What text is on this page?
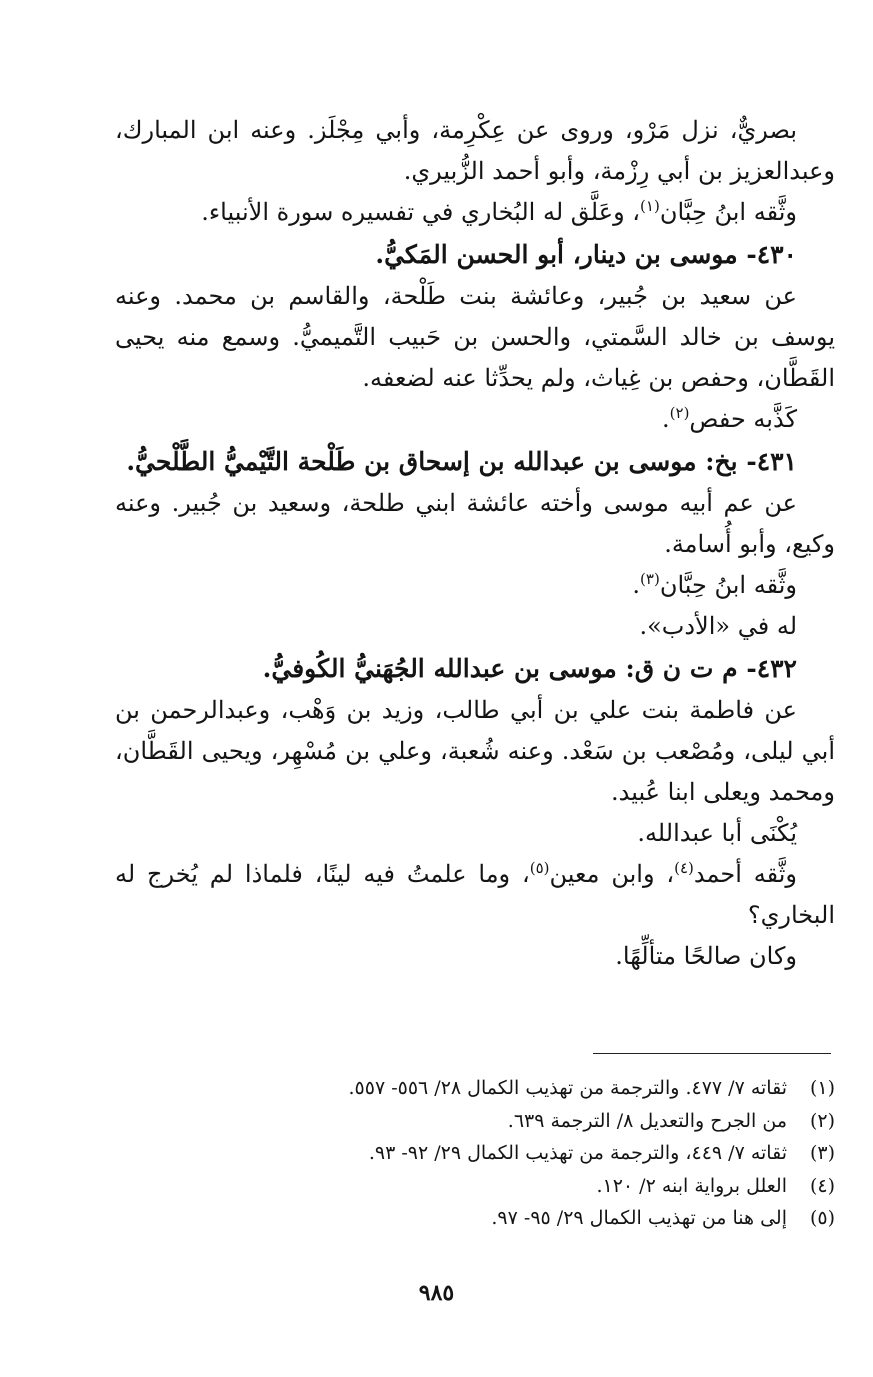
بصريٌّ، نزل مَرْو، وروى عن عِكْرِمة، وأبي مِجْلَز. وعنه ابن المبارك، وعبدالعزيز بن أبي رِزْمة، وأبو أحمد الزُّبيري.

وثَّقه ابنُ حِبَّان$^{(١)}$، وعَلَّق له البُخاري في تفسيره سورة الأنبياء.

٤٣٠- موسى بن دينار، أبو الحسن المَكيُّ.

عن سعيد بن جُبير، وعائشة بنت طَلْحة، والقاسم بن محمد. وعنه يوسف بن خالد السَّمتي، والحسن بن حَبيب التَّميميُّ. وسمع منه يحيى القَطَّان، وحفص بن غِياث، ولم يحدِّثا عنه لضعفه.

كَذَّبه حفص$^{(٢)}$.

٤٣١- بخ: موسى بن عبدالله بن إسحاق بن طَلْحة التَّيْميُّ الطَّلْحيُّ.

عن عم أبيه موسى وأخته عائشة ابني طلحة، وسعيد بن جُبير. وعنه وكيع، وأبو أُسامة.

وثَّقه ابنُ حِبَّان$^{(٣)}$.

له في «الأدب».

٤٣٢- م ت ن ق: موسى بن عبدالله الجُهَنيُّ الكُوفيُّ.

عن فاطمة بنت علي بن أبي طالب، وزيد بن وَهْب، وعبدالرحمن بن أبي ليلى، ومُصْعب بن سَعْد. وعنه شُعبة، وعلي بن مُسْهِر، ويحيى القَطَّان، ومحمد ويعلى ابنا عُبيد.

يُكْنَى أبا عبدالله.

وثَّقه أحمد$^{(٤)}$، وابن معين$^{(٥)}$، وما علمتُ فيه لينًا، فلماذا لم يُخرج له البخاري؟

وكان صالحًا متألِّهًا.

(١)
ثقاته ٧/ ٤٧٧. والترجمة من تهذيب الكمال ٢٨/ ٥٥٦- ٥٥٧.

(٢)
من الجرح والتعديل ٨/ الترجمة ٦٣٩.

(٣)
ثقاته ٧/ ٤٤٩، والترجمة من تهذيب الكمال ٢٩/ ٩٢- ٩٣.

(٤)
العلل برواية ابنه ٢/ ١٢٠.

(٥)
إلى هنا من تهذيب الكمال ٢٩/ ٩٥- ٩٧.

٩٨٥
